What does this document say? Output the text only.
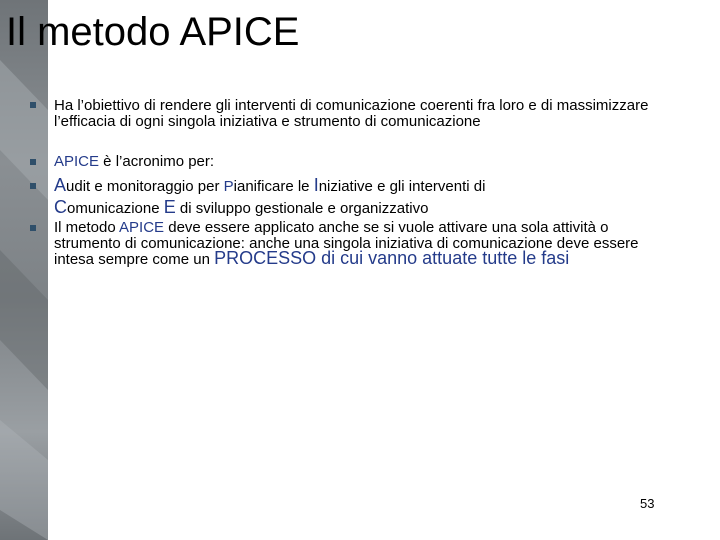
Il metodo APICE
Ha l’obiettivo di rendere gli interventi di comunicazione coerenti fra loro e di massimizzare l’efficacia di ogni singola iniziativa e strumento di comunicazione
APICE è l’acronimo per:
Audit e monitoraggio per Pianificare le Iniziative e gli interventi di
Comunicazione E di sviluppo gestionale e organizzativo
Il metodo APICE deve essere applicato anche se si vuole attivare una sola attività o strumento di comunicazione: anche una singola iniziativa di comunicazione deve essere intesa sempre come un PROCESSO di cui vanno attuate tutte le fasi
53
